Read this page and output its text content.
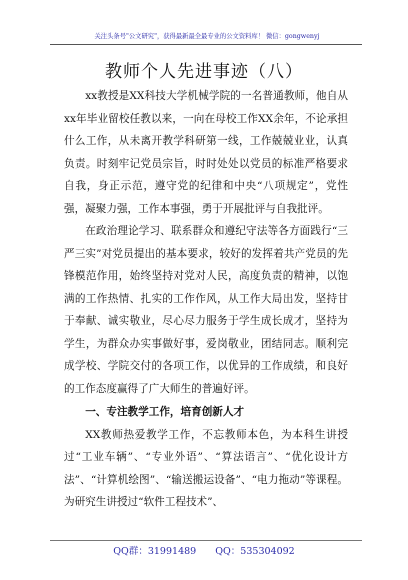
关注头条号"公文研究"，获得最新最全最专业的公文资料库！ 微信：gongwenyj
教师个人先进事迹（八）

xx教授是XX科技大学机械学院的一名普通教师，他自从xx年毕业留校任教以来，一向在母校工作XX余年，不论承担什么工作，从未离开教学科研第一线，工作兢兢业业，认真负责。时刻牢记党员宗旨，时时处处以党员的标准严格要求自我，身正示范，遵守党的纪律和中央“八项规定”，党性强，凝聚力强，工作本事强，勇于开展批评与自我批评。

在政治理论学习、联系群众和遵纪守法等各方面践行“三严三实”对党员提出的基本要求，较好的发挥着共产党员的先锋模范作用，始终坚持对党对人民，高度负责的精神，以饱满的工作热情、扎实的工作作风，从工作大局出发，坚持甘于奉献、诚实敬业，尽心尽力服务于学生成长成才，坚持为学生，为群众办实事做好事，爱岗敬业，团结同志。顺利完成学校、学院交付的各项工作，以优异的工作成绩，和良好的工作态度赢得了广大师生的普遍好评。

一、专注教学工作，培育创新人才

XX教师热爱教学工作，不忘教师本色，为本科生讲授过“工业车辆”、“专业外语”、“算法语言”、“优化设计方法”、“计算机绘图”、“输送搬运设备”、“电力拖动”等课程。为研究生讲授过“软件工程技术”、

QQ群：31991489 QQ：535304092
